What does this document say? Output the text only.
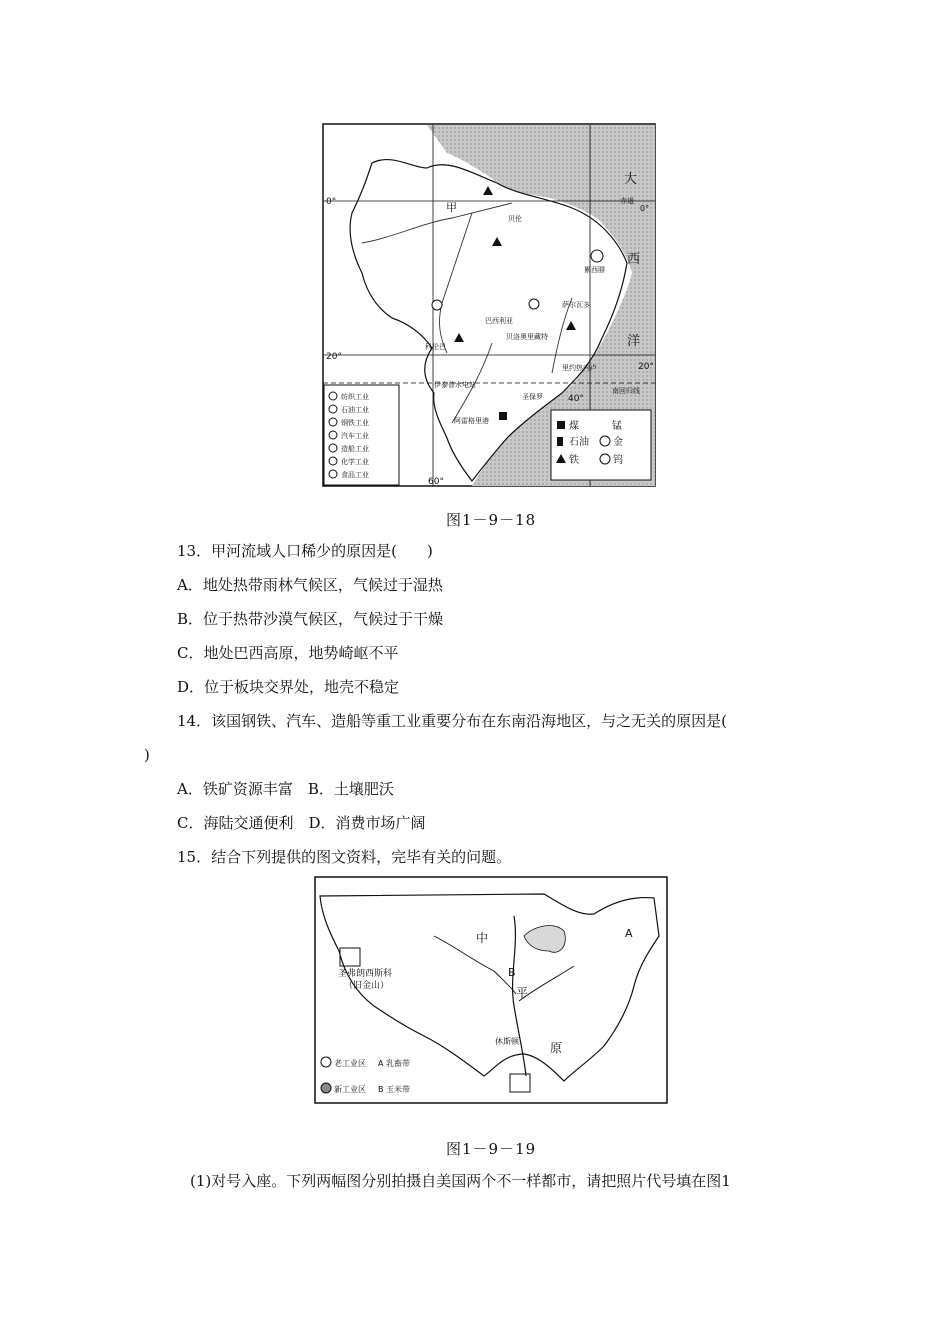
0°
0°
赤道
20°
20°
南回归线
60°
40°
大
西
洋
甲
贝伦
累西腓
萨尔瓦多
巴西利亚
贝洛奥里藏特
科伦巴
里约热内卢
圣保罗
伊泰普水电站
阿雷格里港
纺织工业
石油工业
钢铁工业
汽车工业
造船工业
化学工业
食品工业
煤	锰
石油 金
铁	钨
图1－9－18
13．甲河流域人口稀少的原因是(　　)
A．地处热带雨林气候区，气候过于湿热
B．位于热带沙漠气候区，气候过于干燥
C．地处巴西高原，地势崎岖不平
D．位于板块交界处，地壳不稳定
14．该国钢铁、汽车、造船等重工业重要分布在东南沿海地区，与之无关的原因是(
)
A．铁矿资源丰富　B．土壤肥沃
C．海陆交通便利　D．消费市场广阔
15．结合下列提供的图文资料，完毕有关的问题。
中
平
原
A
B
圣弗朗西斯科
（旧金山）
休斯顿
老工业区 A 乳畜带
新工业区 B 玉米带
图1－9－19
(1)对号入座。下列两幅图分别拍摄自美国两个不一样都市，请把照片代号填在图1
